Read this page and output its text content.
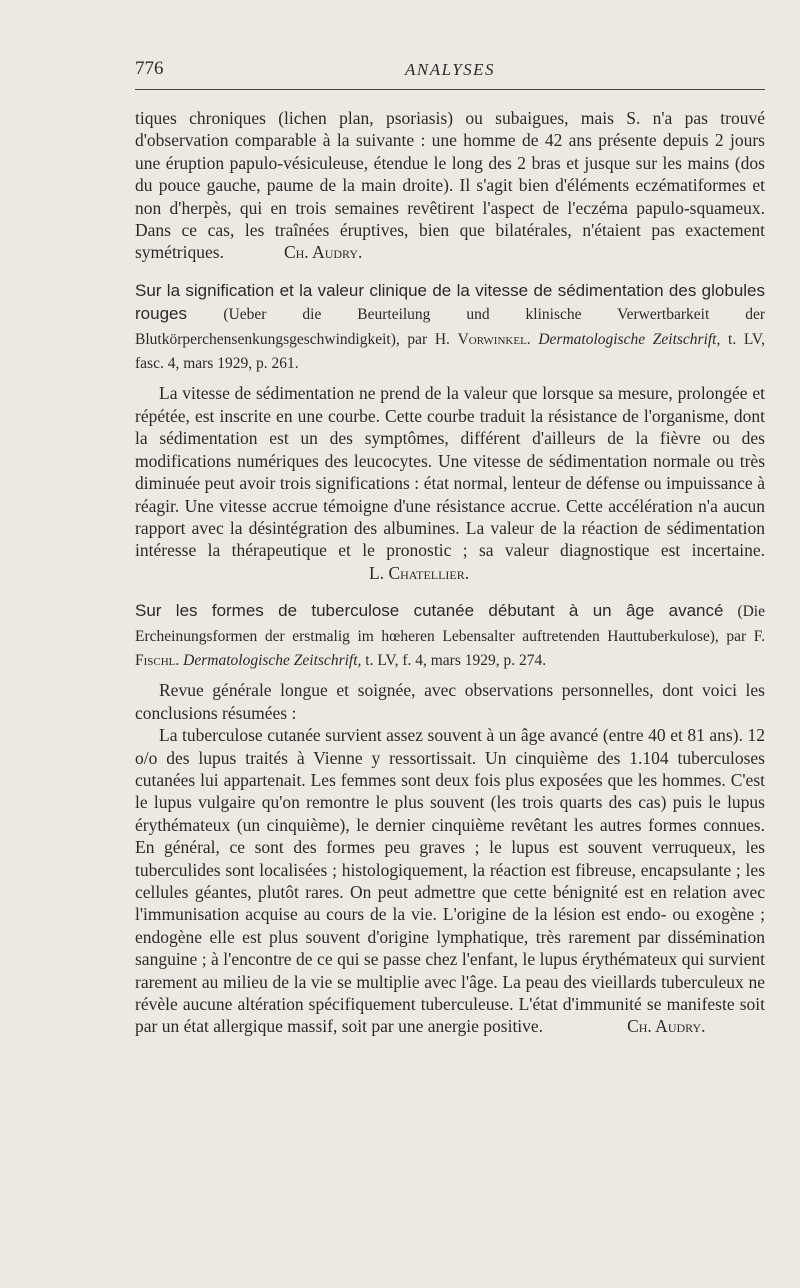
776	ANALYSES

tiques chroniques (lichen plan, psoriasis) ou subaigues, mais S. n'a pas trouvé d'observation comparable à la suivante : une homme de 42 ans présente depuis 2 jours une éruption papulo-vésiculeuse, étendue le long des 2 bras et jusque sur les mains (dos du pouce gauche, paume de la main droite). Il s'agit bien d'éléments eczématiformes et non d'herpès, qui en trois semaines revêtirent l'aspect de l'eczéma papulo-squameux. Dans ce cas, les traînées éruptives, bien que bilatérales, n'étaient pas exactement symétriques.	Ch. Audry.

Sur la signification et la valeur clinique de la vitesse de sédimentation des globules rouges (Ueber die Beurteilung und klinische Verwertbarkeit der Blutkörperchensenkungsgeschwindigkeit), par H. Vorwinkel. Dermatologische Zeitschrift, t. LV, fasc. 4, mars 1929, p. 261.

La vitesse de sédimentation ne prend de la valeur que lorsque sa mesure, prolongée et répétée, est inscrite en une courbe. Cette courbe traduit la résistance de l'organisme, dont la sédimentation est un des symptômes, différent d'ailleurs de la fièvre ou des modifications numériques des leucocytes. Une vitesse de sédimentation normale ou très diminuée peut avoir trois significations : état normal, lenteur de défense ou impuissance à réagir. Une vitesse accrue témoigne d'une résistance accrue. Cette accélération n'a aucun rapport avec la désintégration des albumines. La valeur de la réaction de sédimentation intéresse la thérapeutique et le pronostic ; sa valeur diagnostique est incertaine.L. Chatellier.

Sur les formes de tuberculose cutanée débutant à un âge avancé (Die Ercheinungsformen der erstmalig im hœheren Lebensalter auftretenden Hauttuberkulose), par F. Fischl. Dermatologische Zeitschrift, t. LV, f. 4, mars 1929, p. 274.

Revue générale longue et soignée, avec observations personnelles, dont voici les conclusions résumées :

La tuberculose cutanée survient assez souvent à un âge avancé (entre 40 et 81 ans). 12 o/o des lupus traités à Vienne y ressortissait. Un cinquième des 1.104 tuberculoses cutanées lui appartenait. Les femmes sont deux fois plus exposées que les hommes. C'est le lupus vulgaire qu'on remontre le plus souvent (les trois quarts des cas) puis le lupus érythémateux (un cinquième), le dernier cinquième revêtant les autres formes connues. En général, ce sont des formes peu graves ; le lupus est souvent verruqueux, les tuberculides sont localisées ; histologiquement, la réaction est fibreuse, encapsulante ; les cellules géantes, plutôt rares. On peut admettre que cette bénignité est en relation avec l'immunisation acquise au cours de la vie. L'origine de la lésion est endo- ou exogène ; endogène elle est plus souvent d'origine lymphatique, très rarement par dissémination sanguine ; à l'encontre de ce qui se passe chez l'enfant, le lupus érythémateux qui survient rarement au milieu de la vie se multiplie avec l'âge. La peau des vieillards tuberculeux ne révèle aucune altération spécifiquement tuberculeuse. L'état d'immunité se manifeste soit par un état allergique massif, soit par une anergie positive.	Ch. Audry.
